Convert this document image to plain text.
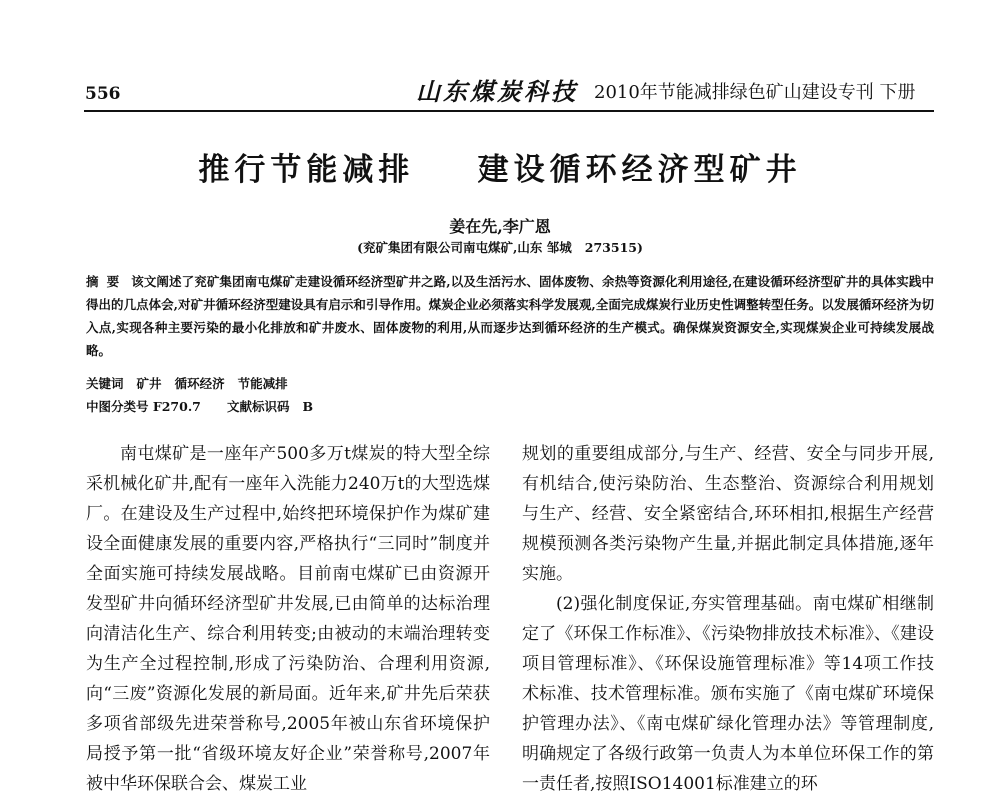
556	山东煤炭科技 2010年节能减排绿色矿山建设专刊 下册
推行节能减排    建设循环经济型矿井
姜在先,李广恩
(兖矿集团有限公司南屯煤矿,山东 邹城   273515)
摘要 该文阐述了兖矿集团南屯煤矿走建设循环经济型矿井之路,以及生活污水、固体废物、余热等资源化利用途径,在建设循环经济型矿井的具体实践中得出的几点体会,对矿井循环经济型建设具有启示和引导作用。煤炭企业必须落实科学发展观,全面完成煤炭行业历史性调整转型任务。以发展循环经济为切入点,实现各种主要污染的最小化排放和矿井废水、固体废物的利用,从而逐步达到循环经济的生产模式。确保煤炭资源安全,实现煤炭企业可持续发展战略。
关键词   矿井   循环经济   节能减排
中图分类号 F270.7      文献标识码   B

南屯煤矿是一座年产500多万t煤炭的特大型全综采机械化矿井,配有一座年入洗能力240万t的大型选煤厂。在建设及生产过程中,始终把环境保护作为煤矿建设全面健康发展的重要内容,严格执行“三同时”制度并全面实施可持续发展战略。目前南屯煤矿已由资源开发型矿井向循环经济型矿井发展,已由简单的达标治理向清洁化生产、综合利用转变;由被动的末端治理转变为生产全过程控制,形成了污染防治、合理利用资源,向“三废”资源化发展的新局面。近年来,矿井先后荣获多项省部级先进荣誉称号,2005年被山东省环境保护局授予第一批“省级环境友好企业”荣誉称号,2007年被中华环保联合会、煤炭工业

规划的重要组成部分,与生产、经营、安全与同步开展,有机结合,使污染防治、生态整治、资源综合利用规划与生产、经营、安全紧密结合,环环相扣,根据生产经营规模预测各类污染物产生量,并据此制定具体措施,逐年实施。

(2)强化制度保证,夯实管理基础。南屯煤矿相继制定了《环保工作标准》、《污染物排放技术标准》、《建设项目管理标准》、《环保设施管理标准》等14项工作技术标准、技术管理标准。颁布实施了《南屯煤矿环境保护管理办法》、《南屯煤矿绿化管理办法》等管理制度,明确规定了各级行政第一负责人为本单位环保工作的第一责任者,按照ISO14001标准建立的环
